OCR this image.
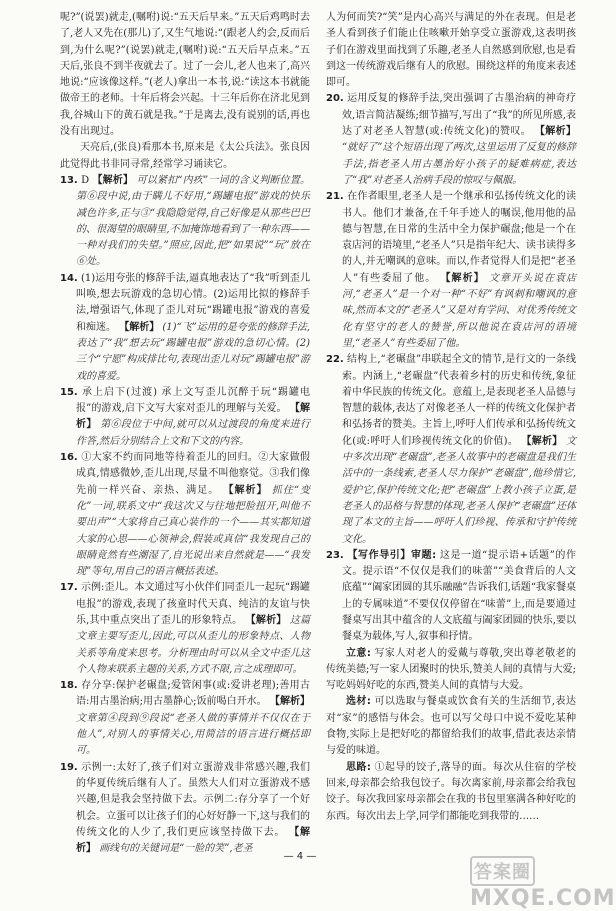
呢?”(说罢)就走,(嘱咐)说:“五天后早来。”五天后鸡鸣时去了,老人又先在(那儿)了,又生气地说:“(跟老人约会,反而后到,为什么呢?”(说罢)就走,(嘱咐)说:“五天后早点来。”五天后,张良不到半夜就去了。过了一会儿,老人也来了,高兴地说:“应该像这样。”(老人)拿出一本书,说:“读这本书就能做帝王的老师。十年后将会兴起。十三年后你在济北见到我,谷城山下的黄石就是我。”于是离去,没有说别的话,再也没有出现过。

天亮后,(张良)看那本书,原来是《太公兵法》。张良因此觉得此书非同寻常,经常学习诵读它。

13. D 【解析】 可以紧扣“内疚”一词的含义判断位置。第⑥段中说,由于瞒儿不好用,“踢罐电报”游戏的快乐减色许多,正与③“我隐隐觉得,自己好像是从那些巴巴的、很渴望的眼睛里,不加掩饰地看到了一种东西——一种对我们的失望。”照应,因此,把“如果说”“玩”放在⑥处。

14. (1)运用夸张的修辞手法,逼真地表达了“我”听到歪儿叫唤,想去玩游戏的急切心情。(2)运用比拟的修辞手法,增强语气,体现了歪儿对玩“踢罐电报”游戏的喜爱和痴迷。 【解析】 (1)“飞”运用的是夸张的修辞手法,表达了“我”想去玩“踢罐电报”游戏的急切心情。(2)三个“宁愿”构成排比句,表现出歪儿对玩“踢罐电报”游戏的喜爱。

15. 承上启下(过渡) 承上文写歪儿沉醉于玩“踢罐电报”的游戏,启下文写大家对歪儿的理解与关爱。 【解析】 第⑥段位于中间,就可以从过渡段的角度来进行作答,然后分别结合上文和下文的内容。

16. ①大家不约而同地等待着歪儿的回归。②大家做假成真,情感微妙,歪儿出现,尽量不叫他察觉。③我们像先前一样兴奋、亲热、满足。 【解析】 抓住“变化”一词,联系文中“我这次又与往地把脸扭开,叫他不要出声”“大家将自己真心装作的一个——其实都知道大家的心思——心领神会,假装或真信“我发现自己的眼睛竟然有些潮湿了,自光说出来自然就是——“我发现”等句,用自己的语言概括表述。

17. 示例:歪儿。本文通过写小伙伴们同歪儿一起玩“踢罐电报”的游戏,表现了孩童时代天真、纯洁的友谊与快乐,其中重点突出了歪儿的形象特点。 【解析】 这篇文章主要写歪儿,因此,可以从歪儿的形象特点、人物关系等角度来思考。分析理由时可以从全文中歪儿这个人物来联系主题的关系,方式不限,言之成理即可。

18. 存分享:保护老碾盘;爱管闲事(或:爱讲老理);善用古语:用古墨治病;用古墨静心;饭前喝白开水。 【解析】 文章第④段到⑨段说“老圣人做的事情并不仅仅在于他人”,对别人的事情关心,用简洁的语言进行概括即可。

19. 示例一:太好了,孩子们对立蛋游戏非常感兴趣,我们的华夏传统后继有人了。虽然大人们对立蛋游戏不感兴趣,但是我会坚持做下去。示例二:存分享了一个好机会。立蛋可以让孩子们的心好好静一下,这与我们的传统文化的人少了,我们更应该坚持做下去。 【解析】 画线句的关键词是“一脸的笑”,老圣

人为何而笑?“笑”是内心高兴与满足的外在表现。但是老圣人看到孩子们能止住咳嗽开始享受立蛋游戏,这表明孩子们在游戏里面找到了乐趣,老圣人自然感到欣慰,也是看到这一传统游戏后继有人的欣慰。围绕这样的角度来表述即可。

20. 运用反复的修辞手法,突出强调了古墨治病的神奇疗效,语言简洁凝练;细节描写,写出了“我”的所见所感,表达了对老圣人智慧(或:传统文化)的赞叹。 【解析】 “就好了”这个短语出现了两次,这里运用了反复的修辞手法,指老圣人用古墨治好小孩子的疑难病症,表达了“我”对老圣人治病手段的惊叹与佩服。

21. 在作者眼里,老圣人是一个继承和弘扬传统文化的读书人。他们才兼备,在千年手迹人的嘱误,他用他的品德与智慧,在日常的生活中全力保护碾盘;他是一个在袁店河的语境里,“老圣人”只是指年纪大、读书读得多的人,并无嘲讽的意味。而以,作者觉得人们是把“老圣人”有些委屈了他。 【解析】 文章开头说在袁店河,“老圣人”是一个对一种“不好”有讽刺和嘲讽的意味,然而本文的“老圣人”又是对有学问、对优秀传统文化有坚守的老人的赞誉,所以他说在袁店河的语境里,“老圣人”有些委屈了他。

22. 结构上,“老碾盘”串联起全文的情节,是行文的一条线索。内涵上,“老碾盘”代表着乡村的历史和传统,象征着中华民族的传统文化。意蕴上,是表现老圣人品德与智慧的载体,表达了对像老圣人一样的传统文化保护者和弘扬者的赞美。主旨上,呼吁人们传承和弘扬传统文化(或:呼吁人们珍视传统文化的价值)。 【解析】 文中多次出现“老碾盘”,老圣人故事中的老碾盘是我们生活中的一条线索,老圣人尽力保护“老碾盘”,他珍惜它,爱护它,保护传统文化;把“老碾盘”上教小孩子立蛋,是老圣人的品格与智慧的体现,老圣人保护“老碾盘”还体现了本文的主旨——呼吁人们珍视、传承和守护传统文化。

23. 【写作导引】审题: 这是一道“提示语+话题”的作文。提示语“不仅仅是我们的味蕾”“美食背后的人文底蕴”“阖家团圆的其乐融融”告诉我们,话题“我家餐桌上的专属味道”不要仅仅停留在“味蕾”上,而是要通过餐桌写出其中蕴含的人文底蕴与阖家团圆的快乐,要以餐桌为载体,写人,叙事和抒情。

立意: 写家人对老人的爱戴与尊敬,突出尊老敬老的传统美德;写一家人团聚时的快乐,赞美人间的真情与大爱;写吃妈妈好吃的东西,赞美人间的真情与大爱。

选材: 可以选取与餐桌或饮食有关的生活细节,表达对“家”的感悟与体会。也可以写父母口中说不爱吃某种食物,实际上是把好吃的都留给我们的故事,借此表达亲情与爱的味道。

思路: ①起导的饺子,落导的面。每次从住宿的学校回来,母亲都会给我包饺子。每次离家前,母亲都会给我包饺子。每次我回家母亲都会在我的书包里塞满各种好吃的东西。每次出去上学,同学们都能吃到我带的……

— 4 —
答案圈MXQE.COM
